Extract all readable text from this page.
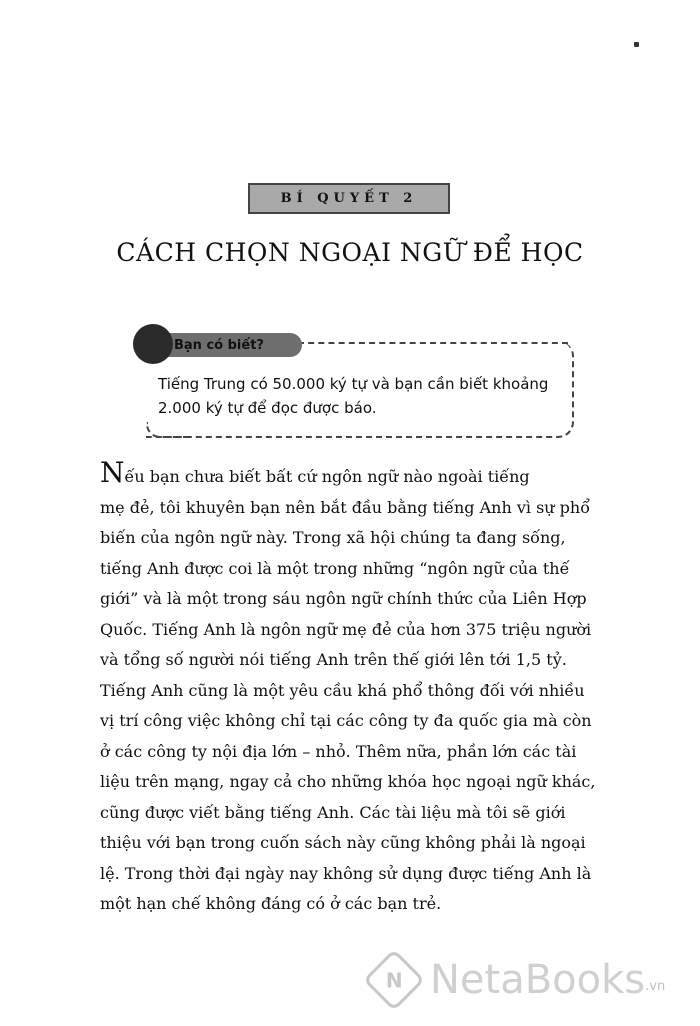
BÍ QUYẾT 2
CÁCH CHỌN NGOẠI NGỮ ĐỂ HỌC
Bạn có biết?
Tiếng Trung có 50.000 ký tự và bạn cần biết khoảng
2.000 ký tự để đọc được báo.
Nếu bạn chưa biết bất cứ ngôn ngữ nào ngoài tiếng
mẹ đẻ, tôi khuyên bạn nên bắt đầu bằng tiếng Anh vì sự phổ
biến của ngôn ngữ này. Trong xã hội chúng ta đang sống,
tiếng Anh được coi là một trong những “ngôn ngữ của thế
giới” và là một trong sáu ngôn ngữ chính thức của Liên Hợp
Quốc. Tiếng Anh là ngôn ngữ mẹ đẻ của hơn 375 triệu người
và tổng số người nói tiếng Anh trên thế giới lên tới 1,5 tỷ.
Tiếng Anh cũng là một yêu cầu khá phổ thông đối với nhiều
vị trí công việc không chỉ tại các công ty đa quốc gia mà còn
ở các công ty nội địa lớn – nhỏ. Thêm nữa, phần lớn các tài
liệu trên mạng, ngay cả cho những khóa học ngoại ngữ khác,
cũng được viết bằng tiếng Anh. Các tài liệu mà tôi sẽ giới
thiệu với bạn trong cuốn sách này cũng không phải là ngoại
lệ. Trong thời đại ngày nay không sử dụng được tiếng Anh là
một hạn chế không đáng có ở các bạn trẻ.
N NetaBooks .vn
